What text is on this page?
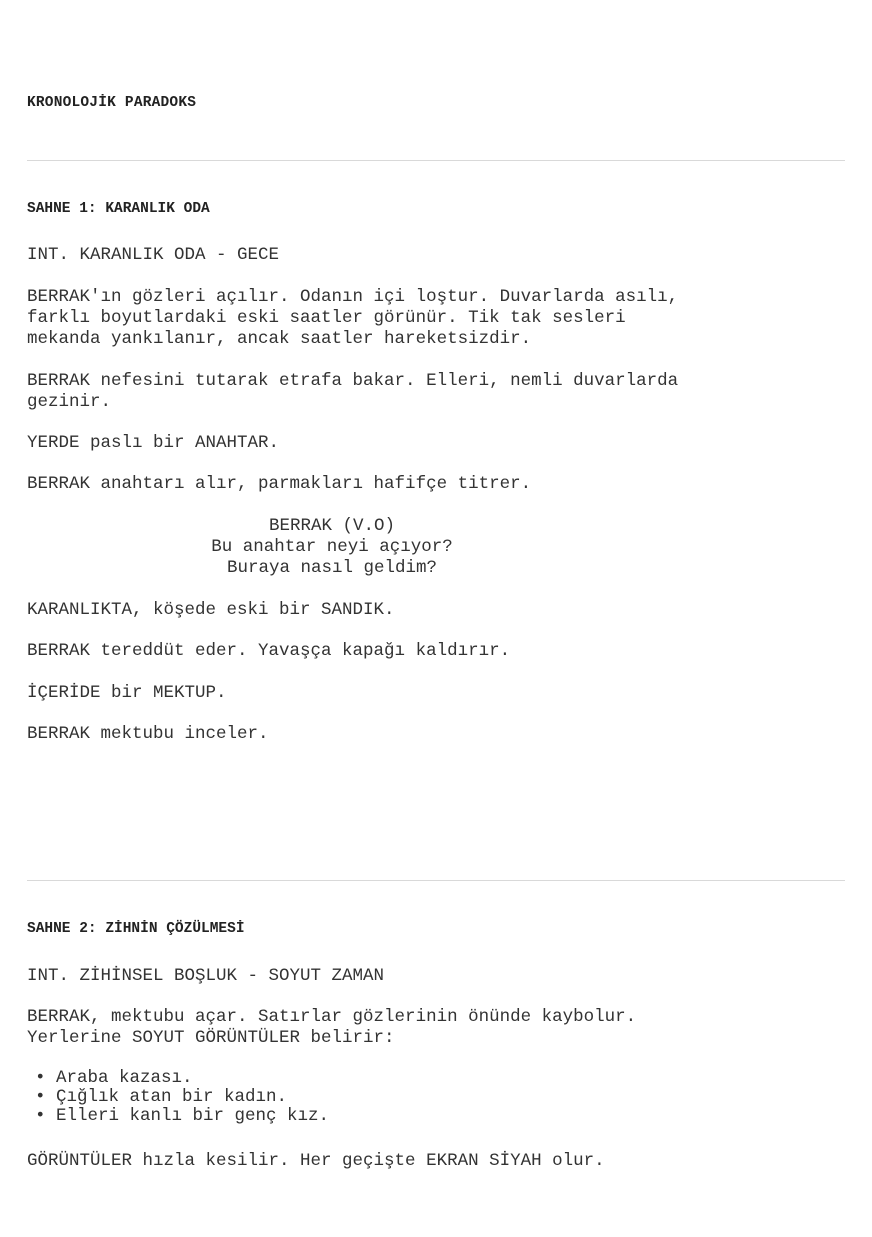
KRONOLOJİK PARADOKS
SAHNE 1: KARANLIK ODA
INT. KARANLIK ODA - GECE
BERRAK'ın gözleri açılır. Odanın içi loştur. Duvarlarda asılı,
farklı boyutlardaki eski saatler görünür. Tik tak sesleri
mekanda yankılanır, ancak saatler hareketsizdir.
BERRAK nefesini tutarak etrafa bakar. Elleri, nemli duvarlarda
gezinir.
YERDE paslı bir ANAHTAR.
BERRAK anahtarı alır, parmakları hafifçe titrer.
BERRAK (V.O)
Bu anahtar neyi açıyor?
Buraya nasıl geldim?
KARANLIKTA, köşede eski bir SANDIK.
BERRAK tereddüt eder. Yavaşça kapağı kaldırır.
İÇERİDE bir MEKTUP.
BERRAK mektubu inceler.
SAHNE 2: ZİHNİN ÇÖZÜLMESİ
INT. ZİHİNSEL BOŞLUK - SOYUT ZAMAN
BERRAK, mektubu açar. Satırlar gözlerinin önünde kaybolur.
Yerlerine SOYUT GÖRÜNTÜLER belirir:
• Araba kazası.
• Çığlık atan bir kadın.
• Elleri kanlı bir genç kız.
GÖRÜNTÜLER hızla kesilir. Her geçişte EKRAN SİYAH olur.
